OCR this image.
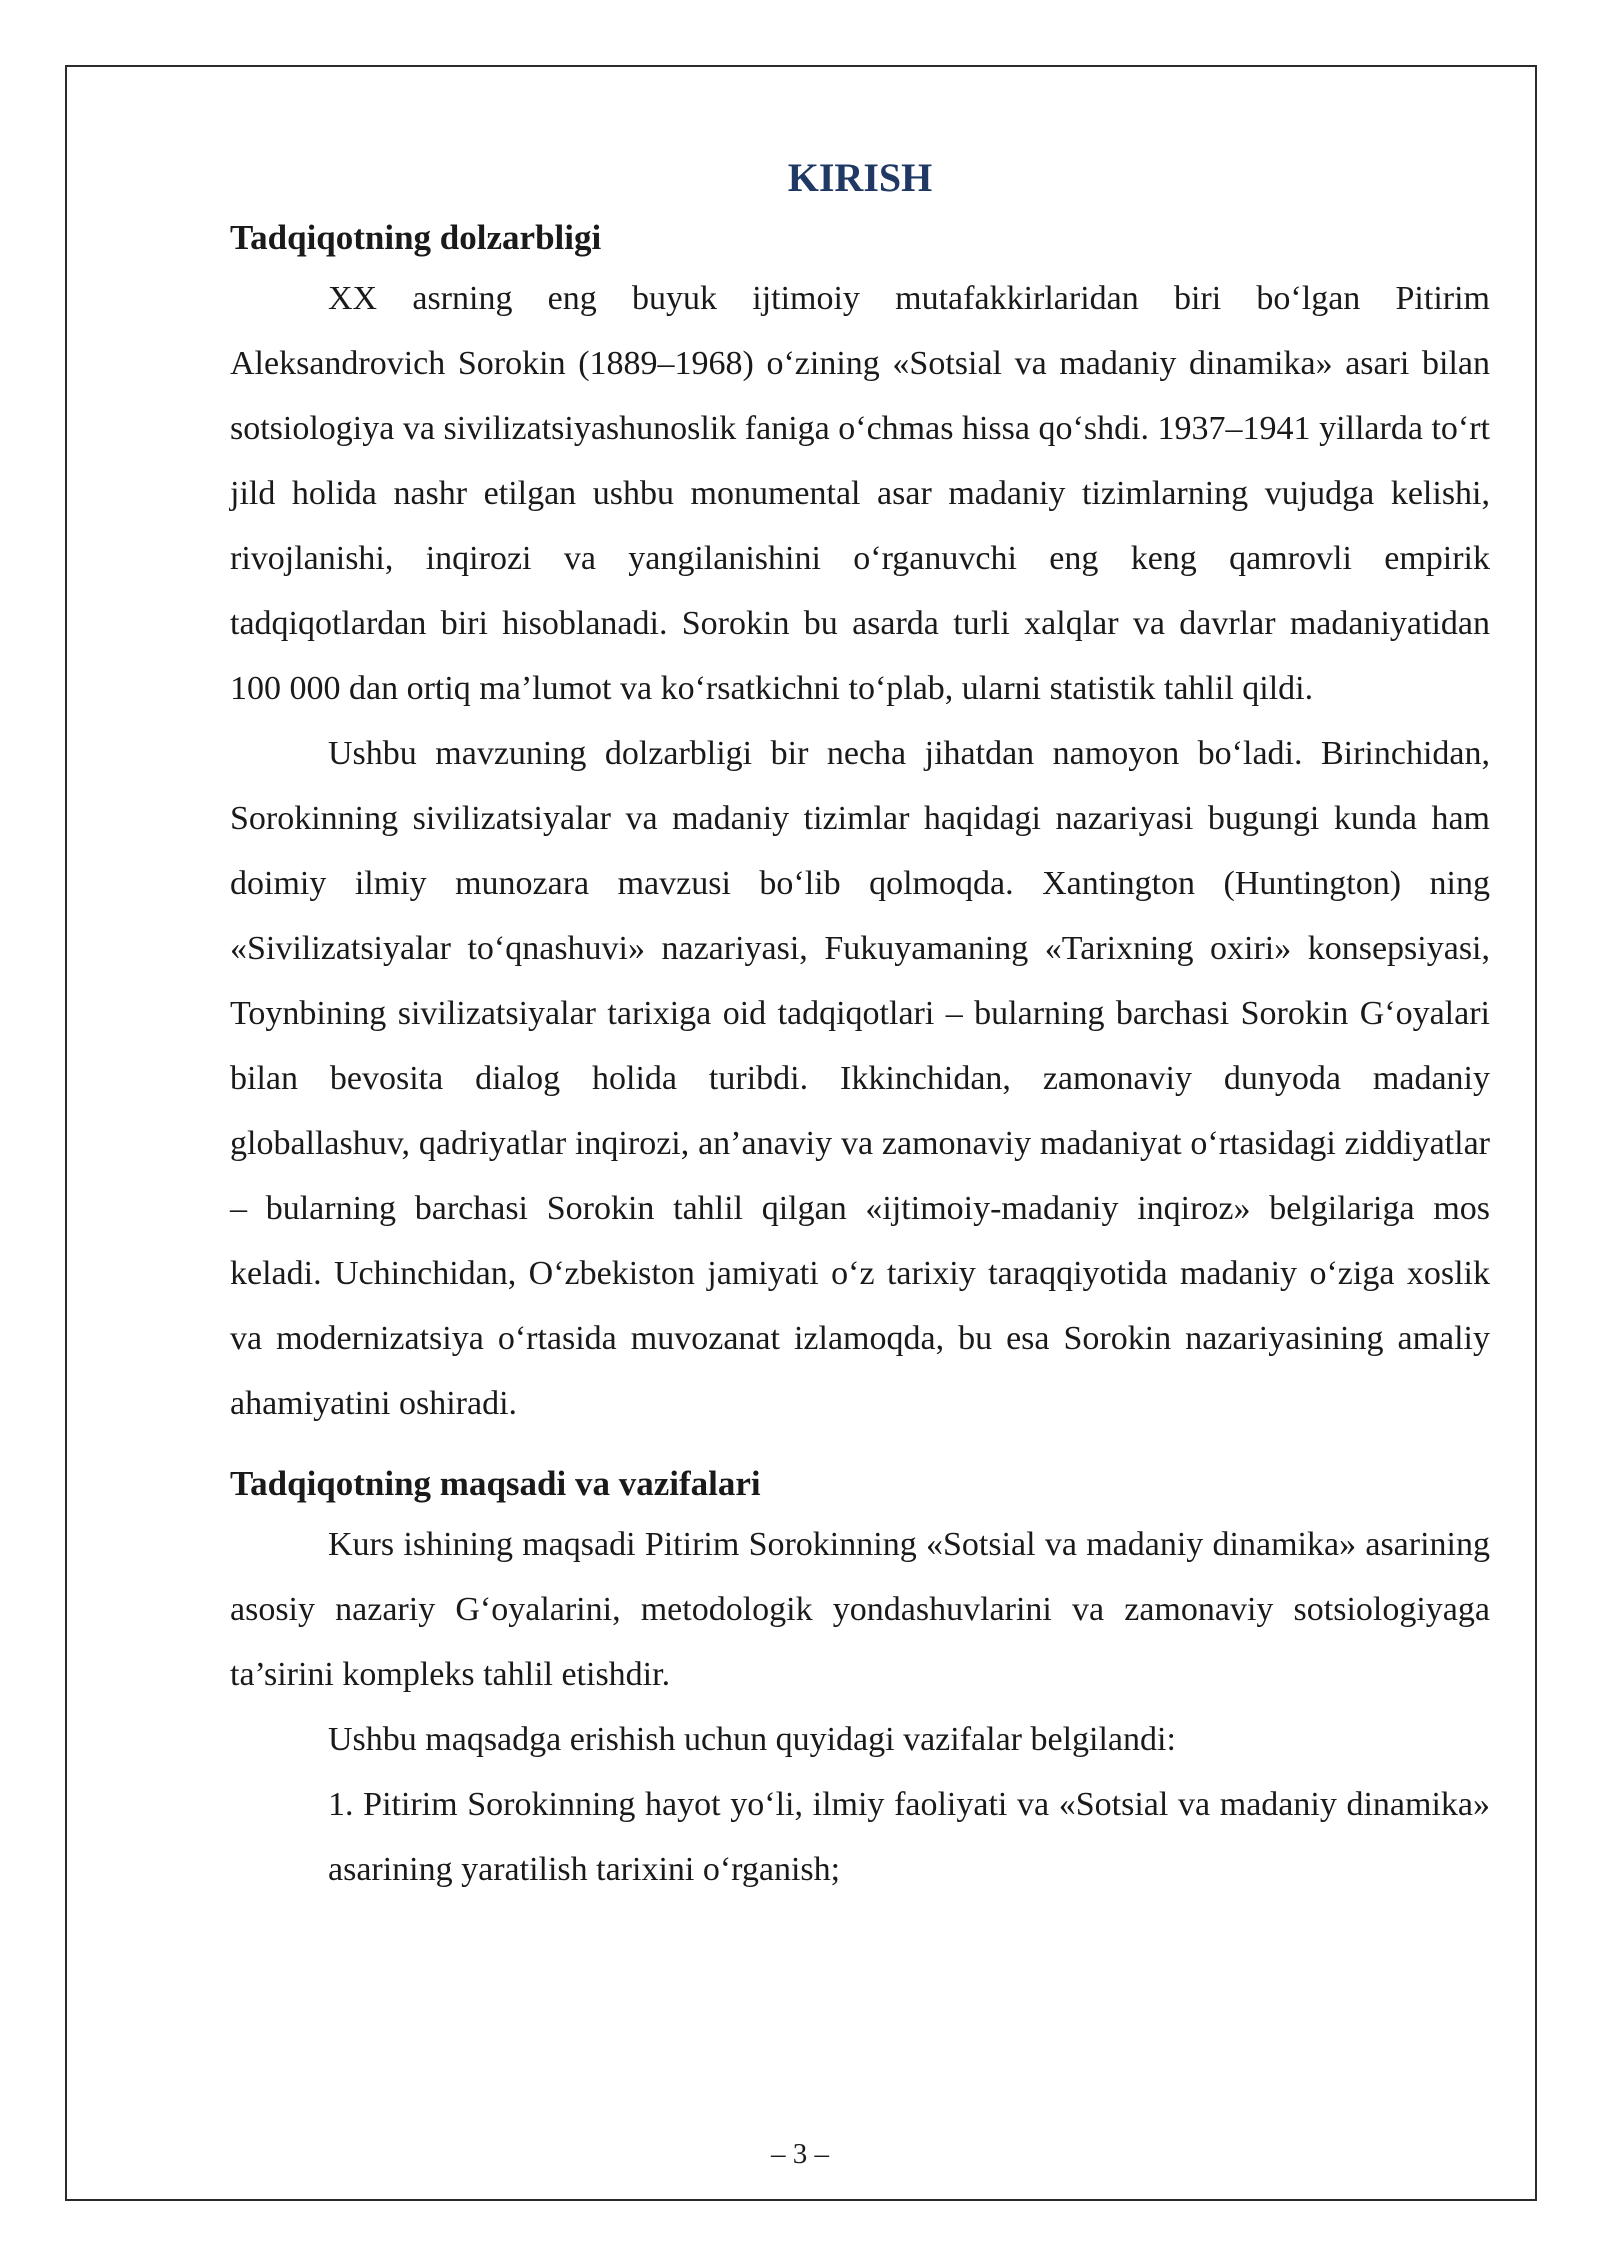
KIRISH
Tadqiqotning dolzarbligi

XX asrning eng buyuk ijtimoiy mutafakkirlaridan biri bo‘lgan Pitirim Aleksandrovich Sorokin (1889–1968) o‘zining «Sotsial va madaniy dinamika» asari bilan sotsiologiya va sivilizatsiyashunoslik faniga o‘chmas hissa qo‘shdi. 1937–1941 yillarda to‘rt jild holida nashr etilgan ushbu monumental asar madaniy tizimlarning vujudga kelishi, rivojlanishi, inqirozi va yangilanishini o‘rganuvchi eng keng qamrovli empirik tadqiqotlardan biri hisoblanadi. Sorokin bu asarda turli xalqlar va davrlar madaniyatidan 100 000 dan ortiq ma’lumot va ko‘rsatkichni to‘plab, ularni statistik tahlil qildi.

Ushbu mavzuning dolzarbligi bir necha jihatdan namoyon bo‘ladi. Birinchidan, Sorokinning sivilizatsiyalar va madaniy tizimlar haqidagi nazariyasi bugungi kunda ham doimiy ilmiy munozara mavzusi bo‘lib qolmoqda. Xantington (Huntington) ning «Sivilizatsiyalar to‘qnashuvi» nazariyasi, Fukuyamaning «Tarixning oxiri» konsepsiyasi, Toynbining sivilizatsiyalar tarixiga oid tadqiqotlari – bularning barchasi Sorokin G‘oyalari bilan bevosita dialog holida turibdi. Ikkinchidan, zamonaviy dunyoda madaniy globallashuv, qadriyatlar inqirozi, an’anaviy va zamonaviy madaniyat o‘rtasidagi ziddiyatlar – bularning barchasi Sorokin tahlil qilgan «ijtimoiy-madaniy inqiroz» belgilariga mos keladi. Uchinchidan, O‘zbekiston jamiyati o‘z tarixiy taraqqiyotida madaniy o‘ziga xoslik va modernizatsiya o‘rtasida muvozanat izlamoqda, bu esa Sorokin nazariyasining amaliy ahamiyatini oshiradi.

Tadqiqotning maqsadi va vazifalari

Kurs ishining maqsadi Pitirim Sorokinning «Sotsial va madaniy dinamika» asarining asosiy nazariy G‘oyalarini, metodologik yondashuvlarini va zamonaviy sotsiologiyaga ta’sirini kompleks tahlil etishdir.

Ushbu maqsadga erishish uchun quyidagi vazifalar belgilandi:

1. Pitirim Sorokinning hayot yo‘li, ilmiy faoliyati va «Sotsial va madaniy dinamika» asarining yaratilish tarixini o‘rganish;

– 3 –
